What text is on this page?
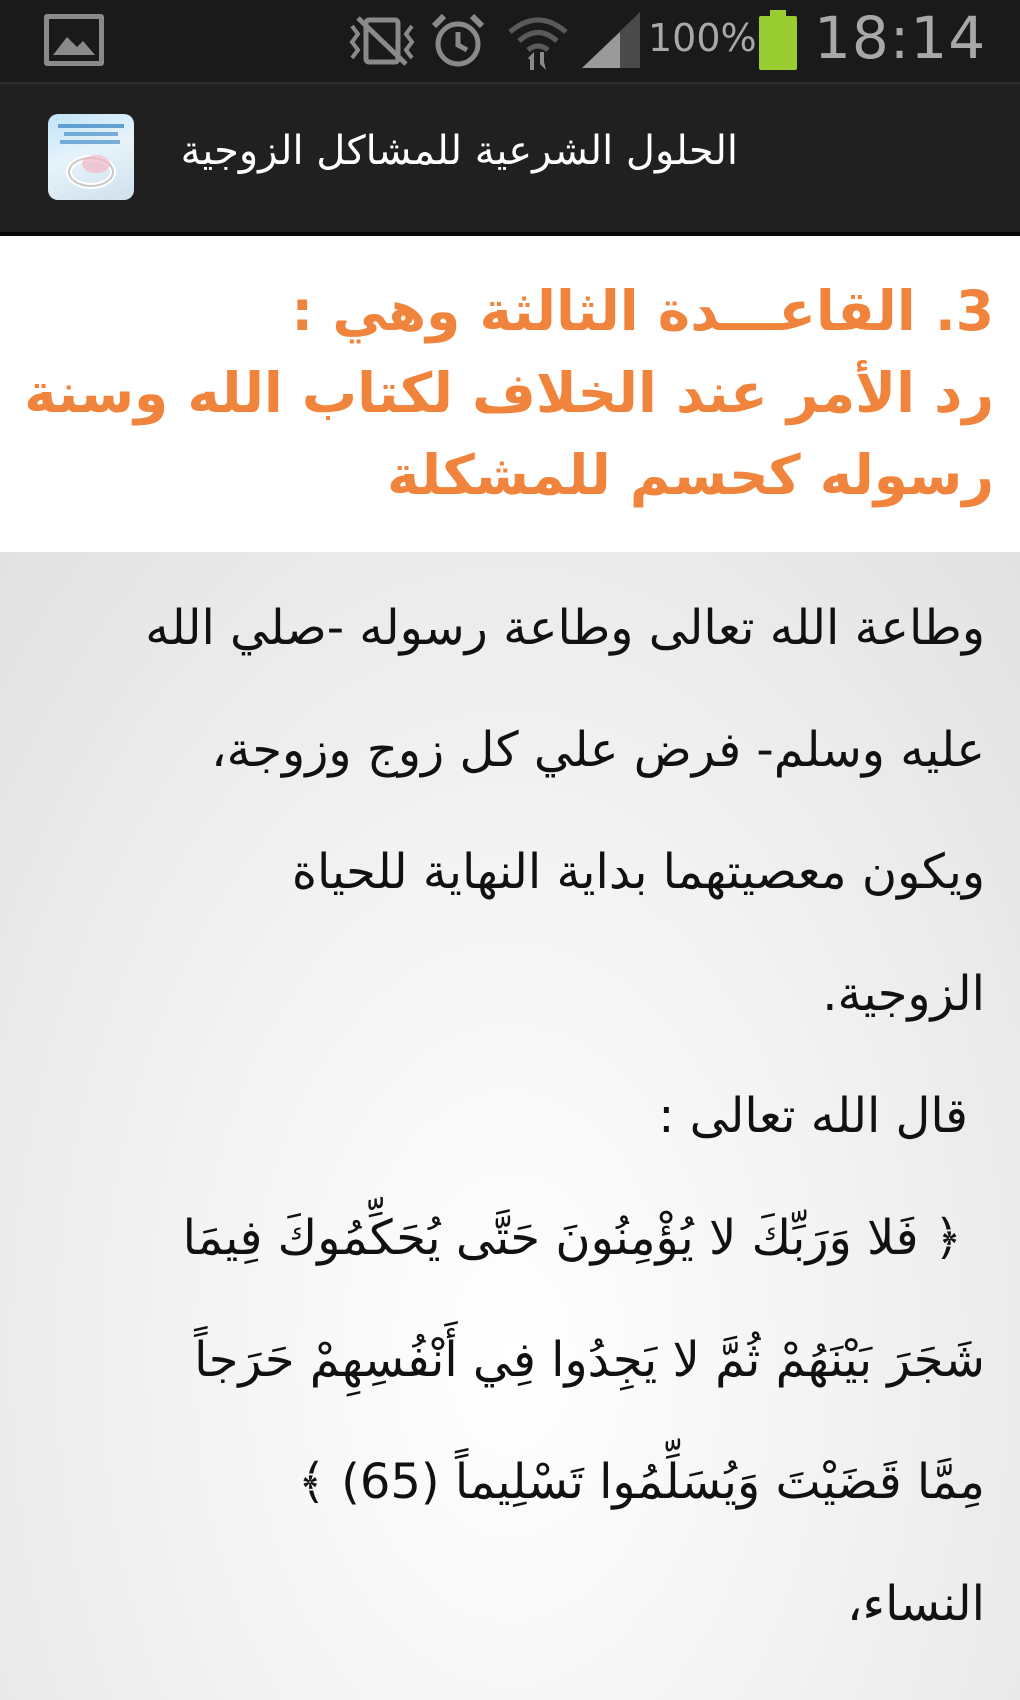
100% 18:14
الحلول الشرعية للمشاكل الزوجية
3. القاعـــدة الثالثة وهي :
رد الأمر عند الخلاف لكتاب الله وسنة
رسوله كحسم للمشكلة
وطاعة الله تعالى وطاعة رسوله -صلي الله
عليه وسلم- فرض علي كل زوج وزوجة،
ويكون معصيتهما بداية النهاية للحياة
الزوجية.
قال الله تعالى :
﴿ فَلا وَرَبِّكَ لا يُؤْمِنُونَ حَتَّى يُحَكِّمُوكَ فِيمَا
شَجَرَ بَيْنَهُمْ ثُمَّ لا يَجِدُوا فِي أَنْفُسِهِمْ حَرَجاً
مِمَّا قَضَيْتَ وَيُسَلِّمُوا تَسْلِيماً (65) ﴾
النساء،
